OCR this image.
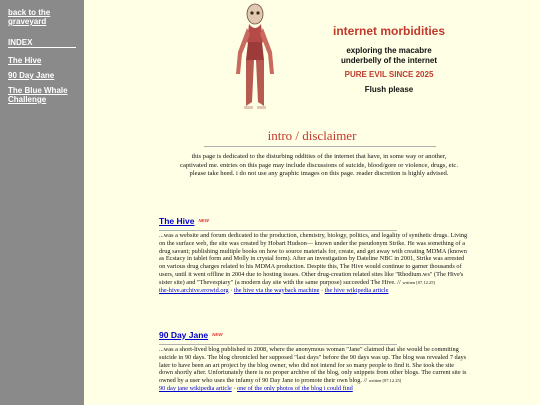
back to the graveyard
INDEX
The Hive
90 Day Jane
The Blue Whale Challenge
internet morbidities
exploring the macabre
underbelly of the internet
PURE EVIL SINCE 2025
Flush please
intro / disclaimer
this page is dedicated to the disturbing oddities of the internet that have, in some way or another, captivated me. entries on this page may include discussions of suicide, blood/gore or violence, drugs, etc. please take heed. i do not use any graphic images on this page. reader discretion is highly advised.
The Hive NEW
...was a website and forum dedicated to the production, chemistry, biology, politics, and legality of synthetic drugs. Living on the surface web, the site was created by Hobart Hudson— known under the pseudonym Strike. He was something of a drug savant; publishing multiple books on how to source materials for, create, and get away with creating MDMA (known as Ecstacy in tablet form and Molly in crystal form). After an investigation by Dateline NBC in 2001, Strike was arrested on various drug charges related to his MDMA production. Despite this, The Hive would continue to garner thousands of users, until it went offline in 2004 due to hosting issues. Other drug-creation related sites like "Rhodium.ws" (The Hive's sister site) and "Thevespiary" (a modern day site with the same purpose) succeeded The Hive. // written [07.12.25]
the-hive.archive.erowid.org · the hive via the wayback machine · the hive wikipedia article
90 Day Jane NEW
...was a short-lived blog published in 2008, where the anonymous woman "Jane" claimed that she would be commiting suicide in 90 days. The blog chronicled her supposed "last days" before the 90 days was up. The blog was revealed 7 days later to have been an art project by the blog owner, who did not intend for so many people to find it. She took the site down shortly after. Unfortunately there is no proper archive of the blog, only snippets from other blogs. The current site is owned by a user who uses the infamy of 90 Day Jane to promote their own blog. // written [07.12.25]
90 day jane wikipedia article · one of the only photos of the blog i could find
